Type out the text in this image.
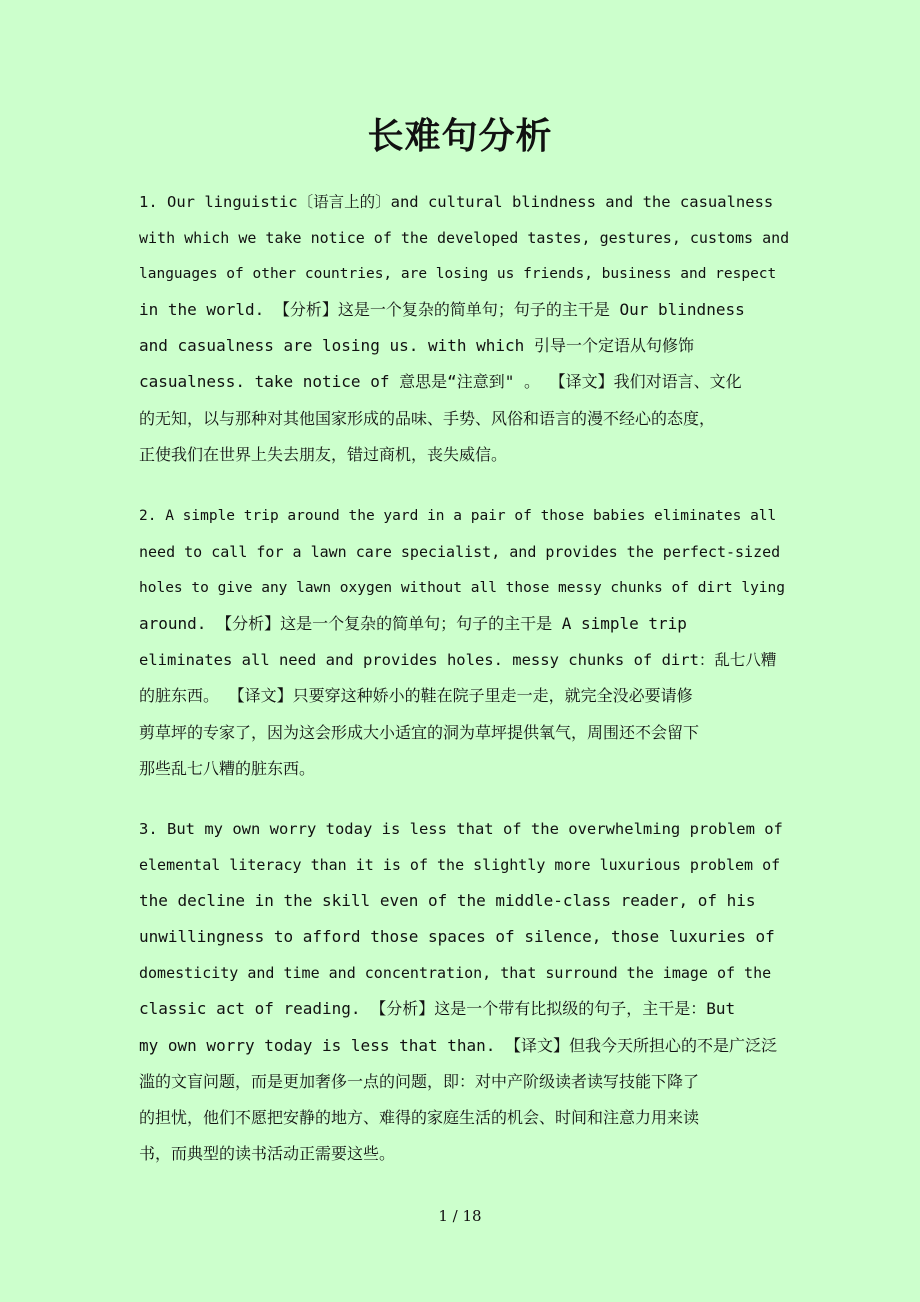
长难句分析
1. Our linguistic〔语言上的〕and cultural blindness and the casualness
with which we take notice of the developed tastes, gestures, customs and
languages of other countries, are losing us friends, business and respect
in the world. 【分析】这是一个复杂的简单句；句子的主干是 Our blindness
and casualness are losing us. with which 引导一个定语从句修饰
casualness. take notice of 意思是“注意到" 。 【译文】我们对语言、文化
的无知，以与那种对其他国家形成的品味、手势、风俗和语言的漫不经心的态度，
正使我们在世界上失去朋友，错过商机，丧失威信。
2. A simple trip around the yard in a pair of those babies eliminates all
need to call for a lawn care specialist, and provides the perfect-sized
holes to give any lawn oxygen without all those messy chunks of dirt lying
around. 【分析】这是一个复杂的简单句；句子的主干是 A simple trip
eliminates all need and provides holes. messy chunks of dirt：乱七八糟
的脏东西。 【译文】只要穿这种娇小的鞋在院子里走一走，就完全没必要请修
剪草坪的专家了，因为这会形成大小适宜的洞为草坪提供氧气，周围还不会留下
那些乱七八糟的脏东西。
3. But my own worry today is less that of the overwhelming problem of
elemental literacy than it is of the slightly more luxurious problem of
the decline in the skill even of the middle-class reader, of his
unwillingness to afford those spaces of silence, those luxuries of
domesticity and time and concentration, that surround the image of the
classic act of reading. 【分析】这是一个带有比拟级的句子，主干是：But
my own worry today is less that than. 【译文】但我今天所担心的不是广泛泛
滥的文盲问题，而是更加奢侈一点的问题，即：对中产阶级读者读写技能下降了
的担忧，他们不愿把安静的地方、难得的家庭生活的机会、时间和注意力用来读
书，而典型的读书活动正需要这些。
1 / 18
